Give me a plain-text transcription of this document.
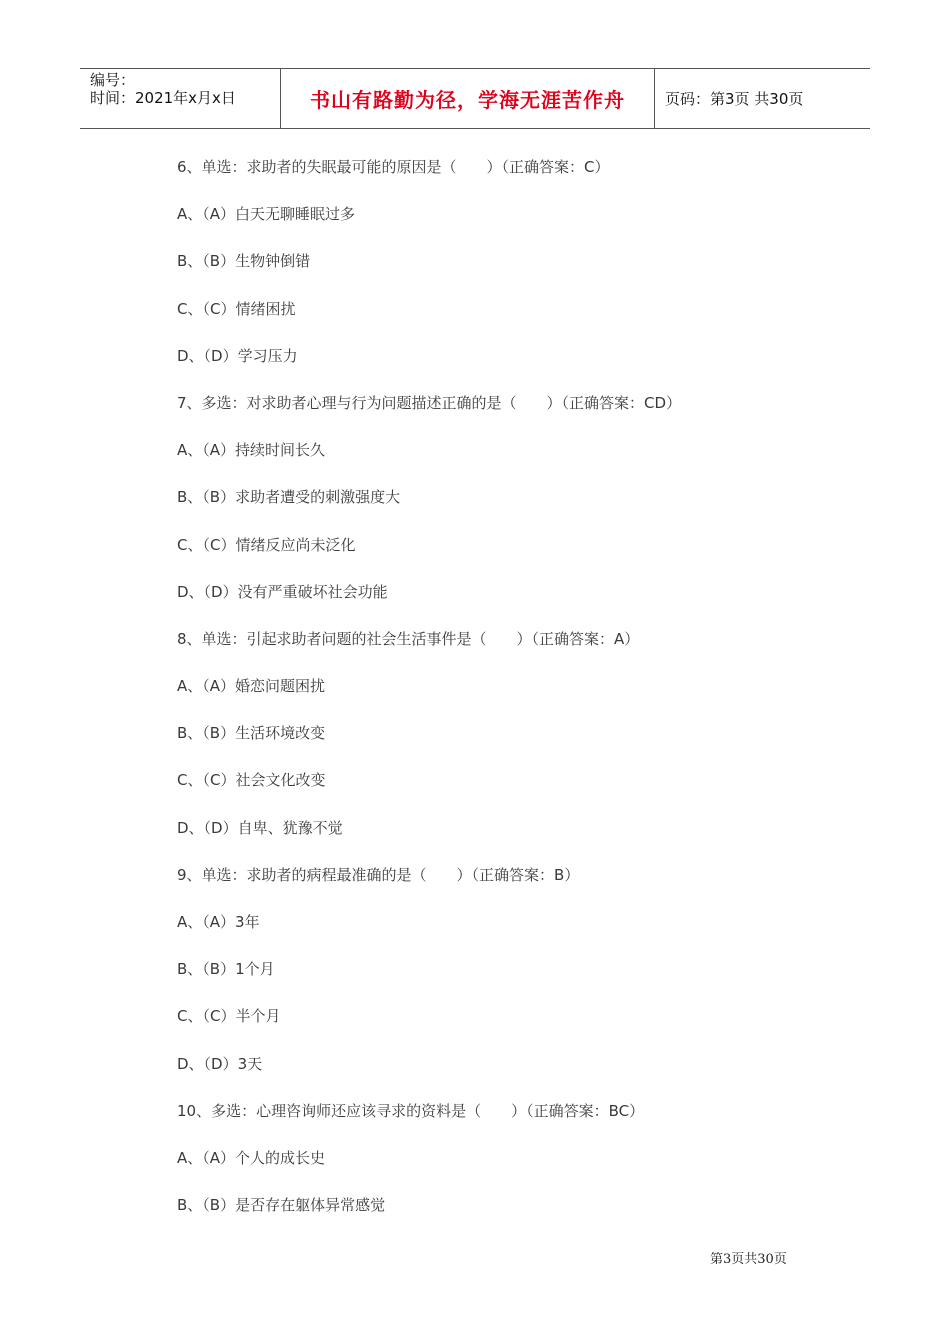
编号：
时间：2021年x月x日	书山有路勤为径，学海无涯苦作舟	页码：第3页 共30页
6、单选：求助者的失眠最可能的原因是（　　）（正确答案：C）
A、（A）白天无聊睡眠过多
B、（B）生物钟倒错
C、（C）情绪困扰
D、（D）学习压力
7、多选：对求助者心理与行为问题描述正确的是（　　）（正确答案：CD）
A、（A）持续时间长久
B、（B）求助者遭受的刺激强度大
C、（C）情绪反应尚未泛化
D、（D）没有严重破坏社会功能
8、单选：引起求助者问题的社会生活事件是（　　）（正确答案：A）
A、（A）婚恋问题困扰
B、（B）生活环境改变
C、（C）社会文化改变
D、（D）自卑、犹豫不觉
9、单选：求助者的病程最准确的是（　　）（正确答案：B）
A、（A）3年
B、（B）1个月
C、（C）半个月
D、（D）3天
10、多选：心理咨询师还应该寻求的资料是（　　）（正确答案：BC）
A、（A）个人的成长史
B、（B）是否存在躯体异常感觉
第3页共30页
